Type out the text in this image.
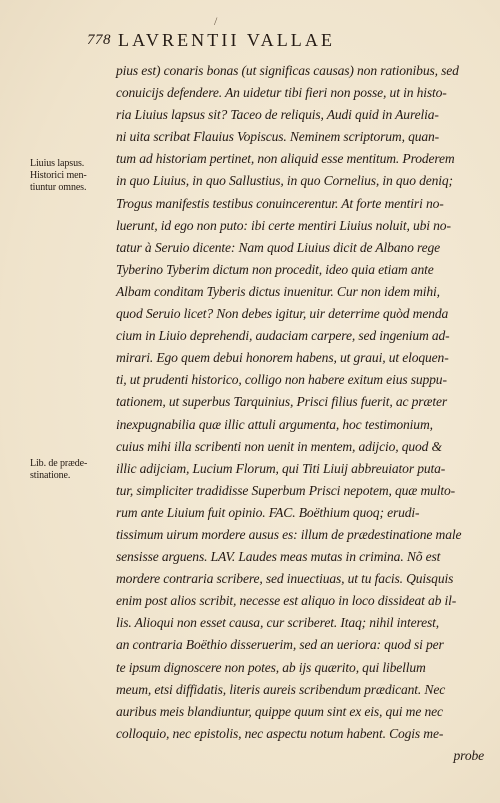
/
778 LAVRENTII VALLAE
Liuius lapsus.
Historici men-
tiuntur omnes.
Lib. de præde-
stinatione.
pius est) conaris bonas (ut significas causas) non rationibus, sed
conuicijs defendere. An uidetur tibi fieri non posse, ut in histo-
ria Liuius lapsus sit? Taceo de reliquis, Audi quid in Aurelia-
ni uita scribat Flauius Vopiscus. Neminem scriptorum, quan-
tum ad historiam pertinet, non aliquid esse mentitum. Proderem
in quo Liuius, in quo Sallustius, in quo Cornelius, in quo deniq;
Trogus manifestis testibus conuincerentur. At forte mentiri no-
luerunt, id ego non puto: ibi certe mentiri Liuius noluit, ubi no-
tatur à Seruio dicente: Nam quod Liuius dicit de Albano rege
Tyberino Tyberim dictum non procedit, ideo quia etiam ante
Albam conditam Tyberis dictus inuenitur. Cur non idem mihi,
quod Seruio licet? Non debes igitur, uir deterrime quòd menda
cium in Liuio deprehendi, audaciam carpere, sed ingenium ad-
mirari. Ego quem debui honorem habens, ut graui, ut eloquen-
ti, ut prudenti historico, colligo non habere exitum eius suppu-
tationem, ut superbus Tarquinius, Prisci filius fuerit, ac præter
inexpugnabilia quæ illic attuli argumenta, hoc testimonium,
cuius mihi illa scribenti non uenit in mentem, adijcio, quod &
illic adijciam, Lucium Florum, qui Titi Liuij abbreuiator puta-
tur, simpliciter tradidisse Superbum Prisci nepotem, quæ multo-
rum ante Liuium fuit opinio. FAC. Boëthium quoq; erudi-
tissimum uirum mordere ausus es: illum de prædestinatione male
sensisse arguens. LAV. Laudes meas mutas in crimina. Nõ est
mordere contraria scribere, sed inuectiuas, ut tu facis. Quisquis
enim post alios scribit, necesse est aliquo in loco dissideat ab il-
lis. Alioqui non esset causa, cur scriberet. Itaq; nihil interest,
an contraria Boëthio disseruerim, sed an ueriora: quod si per
te ipsum dignoscere non potes, ab ijs quærito, qui libellum
meum, etsi diffidatis, literis aureis scribendum prædicant. Nec
auribus meis blandiuntur, quippe quum sint ex eis, qui me nec
colloquio, nec epistolis, nec aspectu notum habent. Cogis me-
probe
